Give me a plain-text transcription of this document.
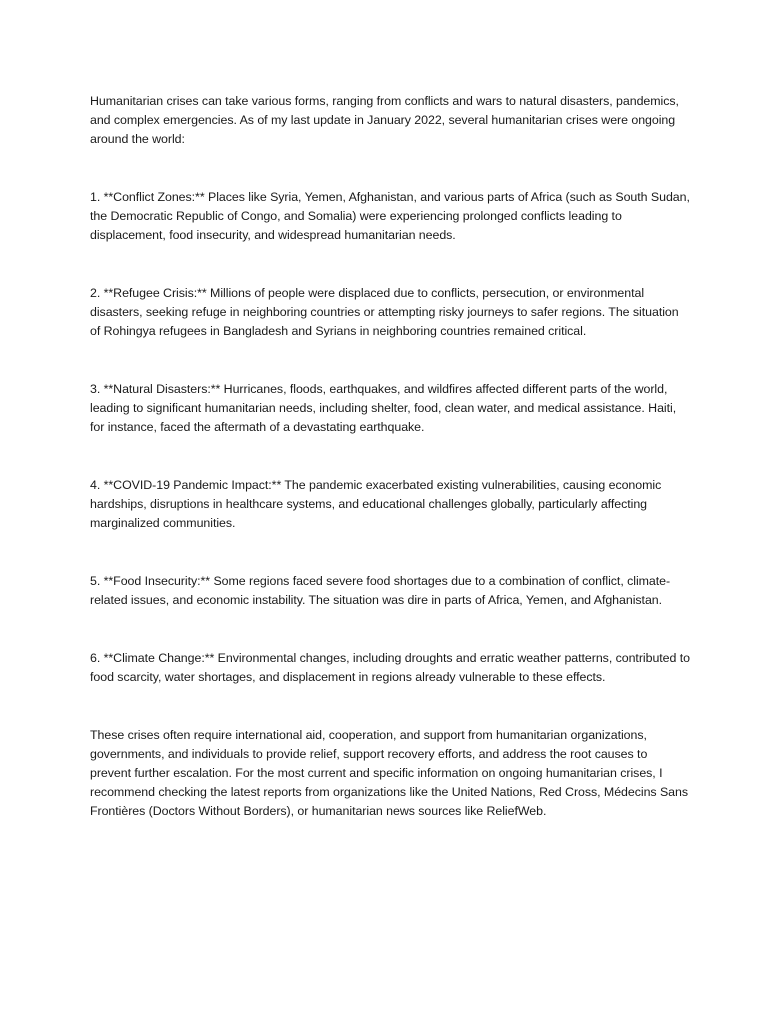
Humanitarian crises can take various forms, ranging from conflicts and wars to natural disasters, pandemics, and complex emergencies. As of my last update in January 2022, several humanitarian crises were ongoing around the world:

1. **Conflict Zones:** Places like Syria, Yemen, Afghanistan, and various parts of Africa (such as South Sudan, the Democratic Republic of Congo, and Somalia) were experiencing prolonged conflicts leading to displacement, food insecurity, and widespread humanitarian needs.

2. **Refugee Crisis:** Millions of people were displaced due to conflicts, persecution, or environmental disasters, seeking refuge in neighboring countries or attempting risky journeys to safer regions. The situation of Rohingya refugees in Bangladesh and Syrians in neighboring countries remained critical.

3. **Natural Disasters:** Hurricanes, floods, earthquakes, and wildfires affected different parts of the world, leading to significant humanitarian needs, including shelter, food, clean water, and medical assistance. Haiti, for instance, faced the aftermath of a devastating earthquake.

4. **COVID-19 Pandemic Impact:** The pandemic exacerbated existing vulnerabilities, causing economic hardships, disruptions in healthcare systems, and educational challenges globally, particularly affecting marginalized communities.

5. **Food Insecurity:** Some regions faced severe food shortages due to a combination of conflict, climate-related issues, and economic instability. The situation was dire in parts of Africa, Yemen, and Afghanistan.

6. **Climate Change:** Environmental changes, including droughts and erratic weather patterns, contributed to food scarcity, water shortages, and displacement in regions already vulnerable to these effects.

These crises often require international aid, cooperation, and support from humanitarian organizations, governments, and individuals to provide relief, support recovery efforts, and address the root causes to prevent further escalation. For the most current and specific information on ongoing humanitarian crises, I recommend checking the latest reports from organizations like the United Nations, Red Cross, Médecins Sans Frontières (Doctors Without Borders), or humanitarian news sources like ReliefWeb.
